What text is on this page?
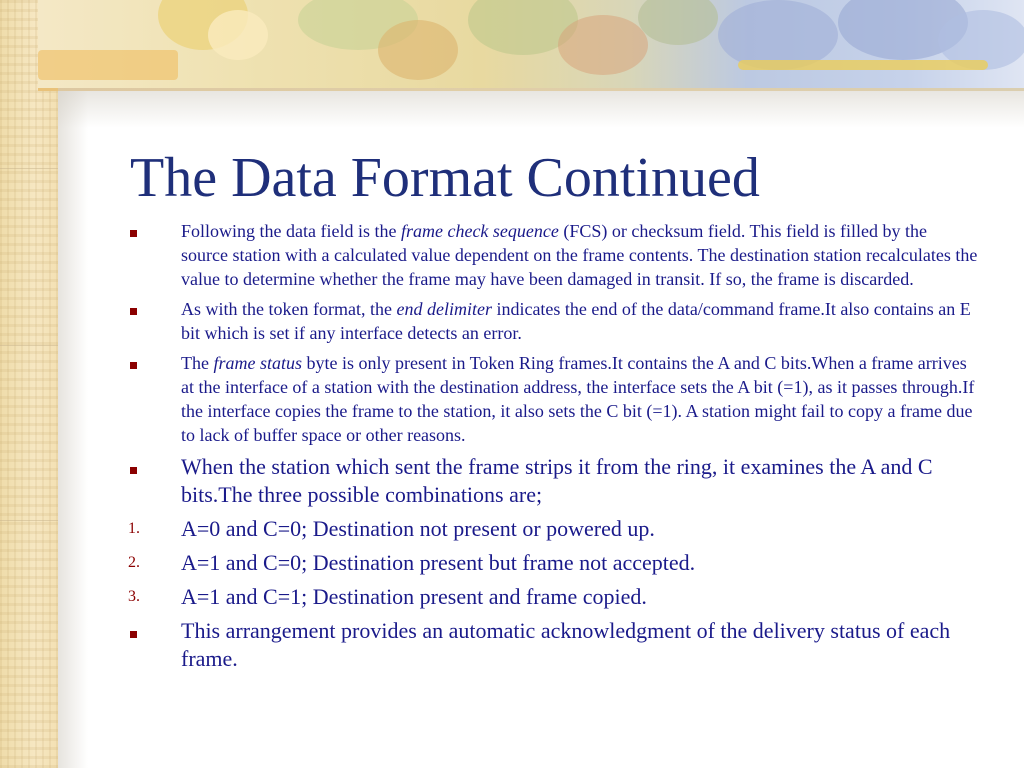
The Data Format Continued
Following the data field is the frame check sequence (FCS) or checksum field. This field is filled by the source station with a calculated value dependent on the frame contents. The destination station recalculates the value to determine whether the frame may have been damaged in transit. If so, the frame is discarded.
As with the token format, the end delimiter indicates the end of the data/command frame.It also contains an E bit which is set if any interface detects an error.
The frame status byte is only present in Token Ring frames.It contains the A and C bits.When a frame arrives at the interface of a station with the destination address, the interface sets the A bit (=1), as it passes through.If the interface copies the frame to the station, it also sets the C bit (=1). A station might fail to copy a frame due to lack of buffer space or other reasons.
When the station which sent the frame strips it from the ring, it examines the A and C bits.The three possible combinations are;
1. A=0 and C=0; Destination not present or powered up.
2. A=1 and C=0; Destination present but frame not accepted.
3. A=1 and C=1; Destination present and frame copied.
This arrangement provides an automatic acknowledgment of the delivery status of each frame.
